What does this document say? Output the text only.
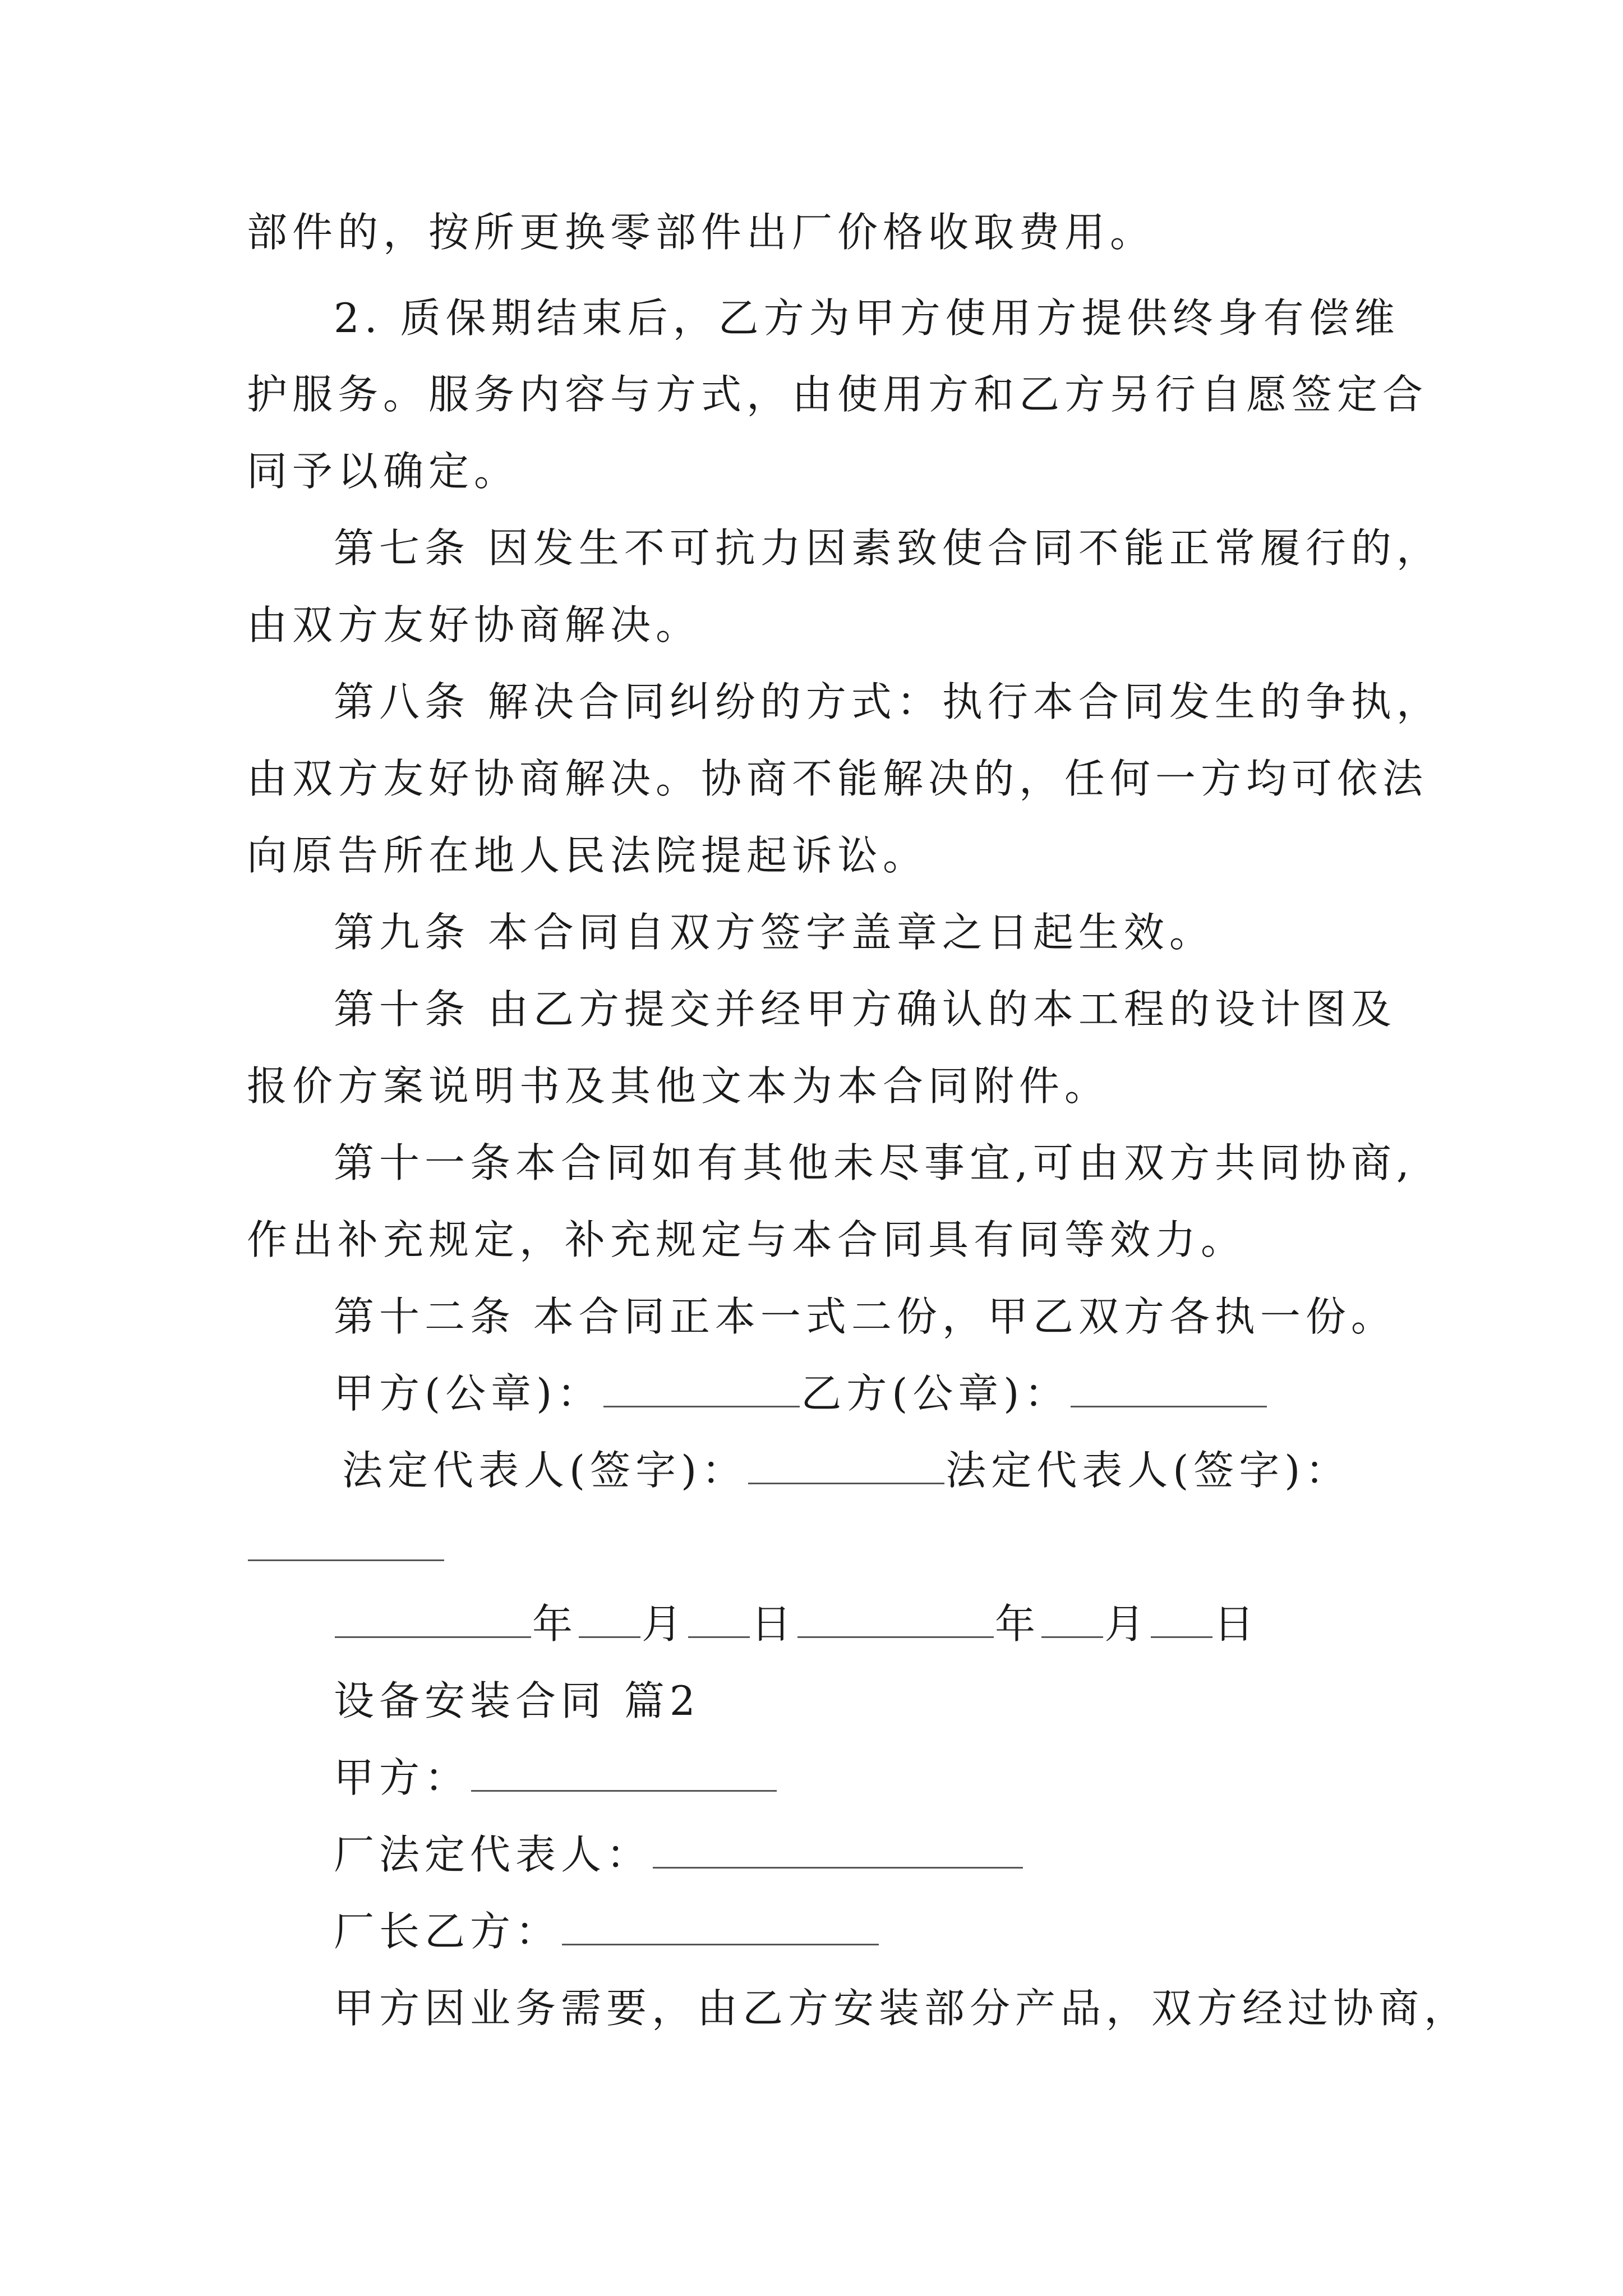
部件的，按所更换零部件出厂价格收取费用。
2. 质保期结束后，乙方为甲方使用方提供终身有偿维
护服务。服务内容与方式，由使用方和乙方另行自愿签定合
同予以确定。
第七条 因发生不可抗力因素致使合同不能正常履行的，
由双方友好协商解决。
第八条 解决合同纠纷的方式：执行本合同发生的争执，
由双方友好协商解决。协商不能解决的，任何一方均可依法
向原告所在地人民法院提起诉讼。
第九条 本合同自双方签字盖章之日起生效。
第十条 由乙方提交并经甲方确认的本工程的设计图及
报价方案说明书及其他文本为本合同附件。
第十一条本合同如有其他未尽事宜,可由双方共同协商,
作出补充规定，补充规定与本合同具有同等效力。
第十二条 本合同正本一式二份，甲乙双方各执一份。
甲方(公章)：	乙方(公章)：
法定代表人(签字)：	法定代表人(签字)：
年 月 日	年 月 日
设备安装合同 篇2
甲方：
厂法定代表人：
厂长乙方：
甲方因业务需要，由乙方安装部分产品，双方经过协商，
